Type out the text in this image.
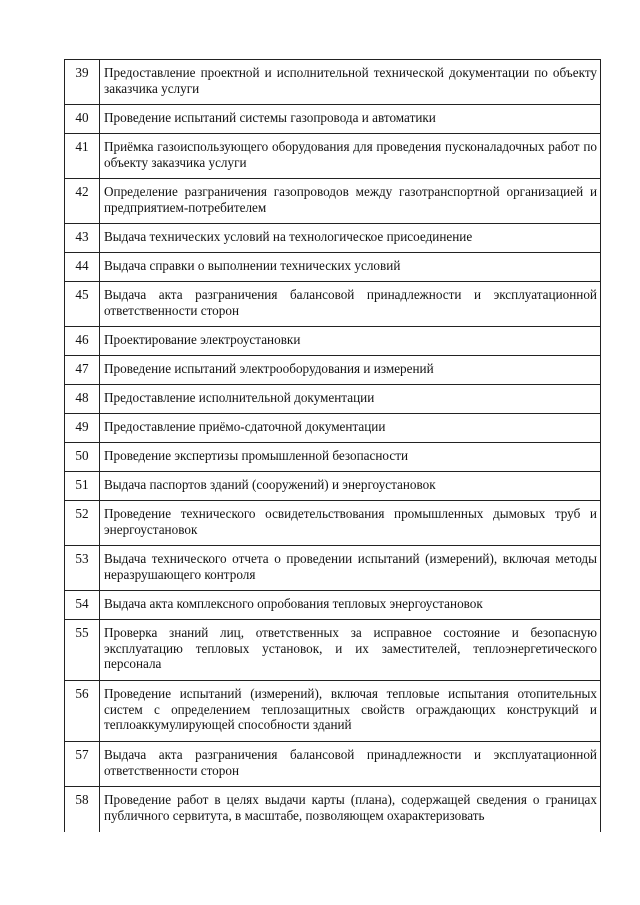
39	Предоставление проектной и исполнительной технической документации по объекту заказчика услуги
40	Проведение испытаний системы газопровода и автоматики
41	Приёмка газоиспользующего оборудования для проведения пусконаладочных работ по объекту заказчика услуги
42	Определение разграничения газопроводов между газотранспортной организацией и предприятием-потребителем
43	Выдача технических условий на технологическое присоединение
44	Выдача справки о выполнении технических условий
45	Выдача акта разграничения балансовой принадлежности и эксплуатационной ответственности сторон
46	Проектирование электроустановки
47	Проведение испытаний электрооборудования и измерений
48	Предоставление исполнительной документации
49	Предоставление приёмо-сдаточной документации
50	Проведение экспертизы промышленной безопасности
51	Выдача паспортов зданий (сооружений) и энергоустановок
52	Проведение технического освидетельствования промышленных дымовых труб и энергоустановок
53	Выдача технического отчета о проведении испытаний (измерений), включая методы неразрушающего контроля
54	Выдача акта комплексного опробования тепловых энергоустановок
55	Проверка знаний лиц, ответственных за исправное состояние и безопасную эксплуатацию тепловых установок, и их заместителей, теплоэнергетического персонала
56	Проведение испытаний (измерений), включая тепловые испытания отопительных систем с определением теплозащитных свойств ограждающих конструкций и теплоаккумулирующей способности зданий
57	Выдача акта разграничения балансовой принадлежности и эксплуатационной ответственности сторон
58	Проведение работ в целях выдачи карты (плана), содержащей сведения о границах публичного сервитута, в масштабе, позволяющем охарактеризовать
